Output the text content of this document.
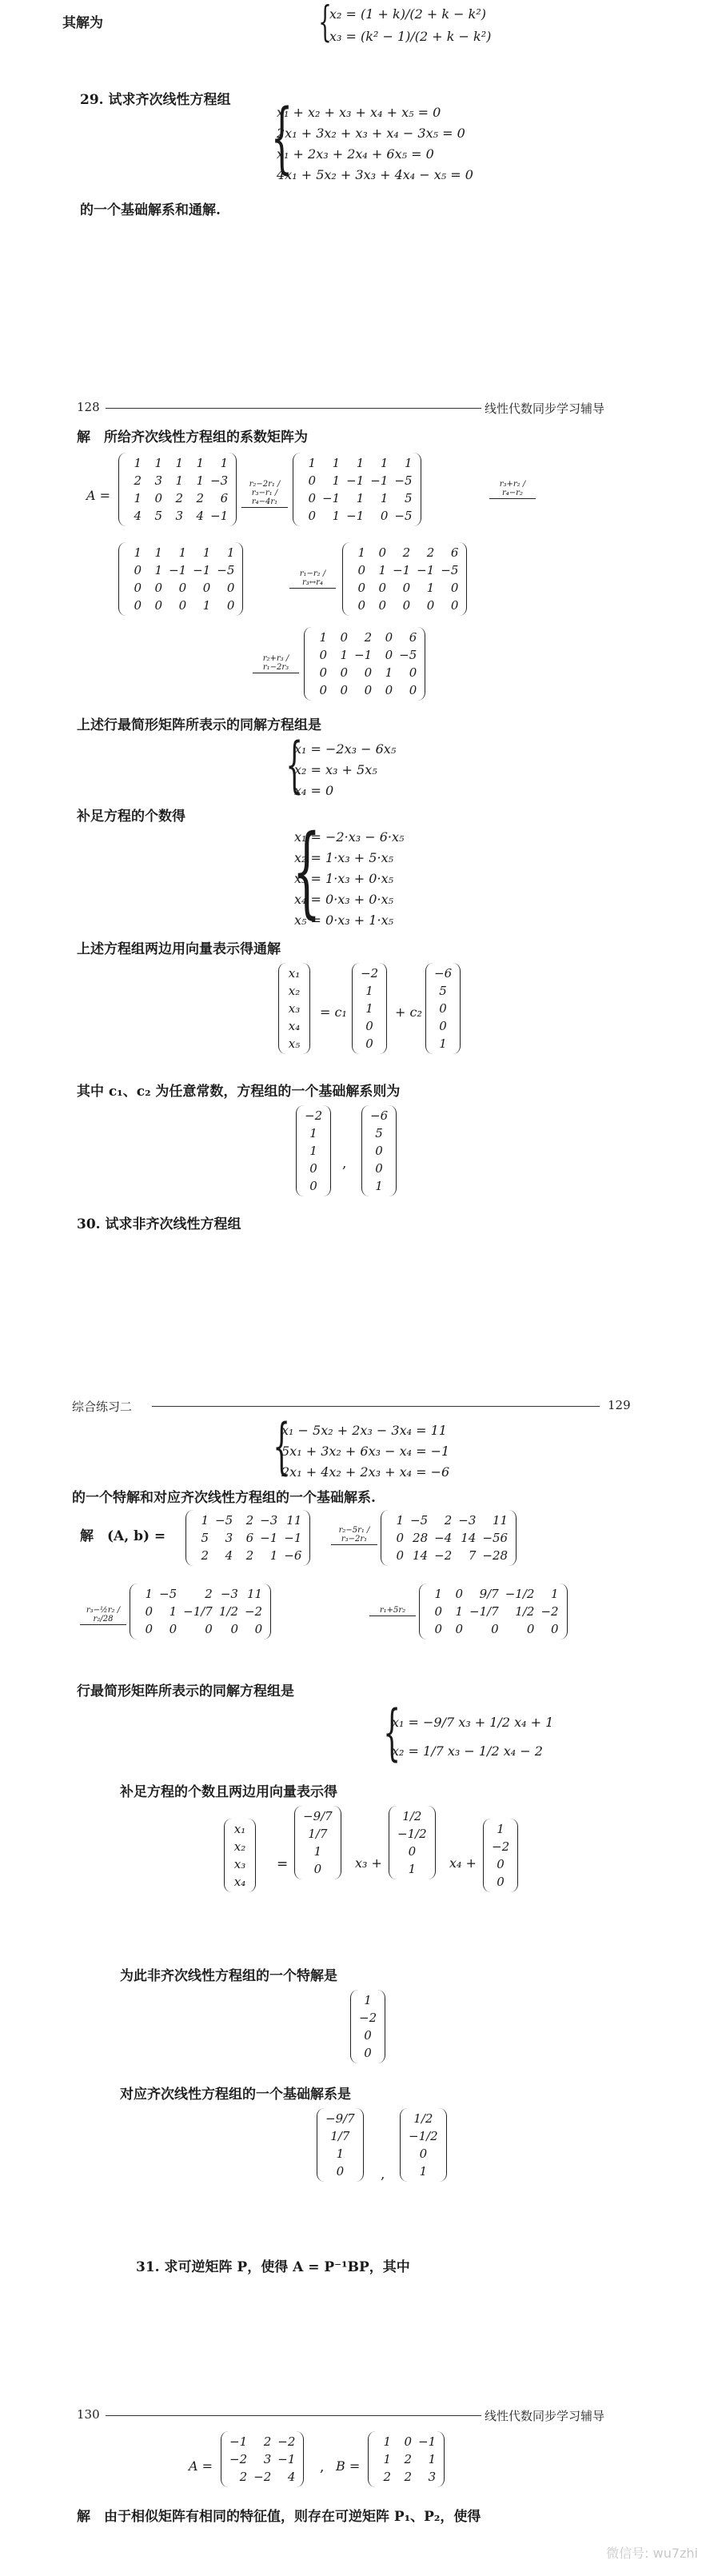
其解为	{
x₂ = (1 + k)/(2 + k − k²)
x₃ = (k² − 1)/(2 + k − k²)
29. 试求齐次线性方程组 {
x₁ + x₂ + x₃ + x₄ + x₅ = 0
2x₁ + 3x₂ + x₃ + x₄ − 3x₅ = 0
x₁ + 2x₃ + 2x₄ + 6x₅ = 0
4x₁ + 5x₂ + 3x₃ + 4x₄ − x₅ = 0
的一个基础解系和通解.
128	线性代数同步学习辅导
解　所给齐次线性方程组的系数矩阵为
A =
1	1	1	1	1
2	3	1	1	−3
1	0	2	2	6
4	5	3	4	−1
r₂−2r₁ / r₃−r₁ / r₄−4r₁
1	1	1	1	1
0	1	−1	−1	−5
0	−1	1	1	5
0	1	−1	0	−5
r₃+r₂ / r₄−r₂
1	1	1	1	1
0	1	−1	−1	−5
0	0	0	0	0
0	0	0	1	0
r₁−r₂ / r₃↔r₄
1	0	2	2	6
0	1	−1	−1	−5
0	0	0	1	0
0	0	0	0	0
r₂+r₃ / r₁−2r₃
1	0	2	0	6
0	1	−1	0	−5
0	0	0	1	0
0	0	0	0	0
上述行最简形矩阵所表示的同解方程组是
{
x₁ = −2x₃ − 6x₅
x₂ = x₃ + 5x₅
x₄ = 0
补足方程的个数得 {
x₁ = −2·x₃ − 6·x₅
x₂ = 1·x₃ + 5·x₅
x₃ = 1·x₃ + 0·x₅
x₄ = 0·x₃ + 0·x₅
x₅ = 0·x₃ + 1·x₅
上述方程组两边用向量表示得通解
x₁
x₂
x₃
x₄
x₅
= c₁
−2
1
1
0
0
+ c₂
−6
5
0
0
1
其中 c₁、c₂ 为任意常数，方程组的一个基础解系则为
−2
1
1
0
0
,
−6
5
0
0
1
30. 试求非齐次线性方程组
综合练习二	129
{
x₁ − 5x₂ + 2x₃ − 3x₄ = 11
5x₁ + 3x₂ + 6x₃ − x₄ = −1
2x₁ + 4x₂ + 2x₃ + x₄ = −6
的一个特解和对应齐次线性方程组的一个基础解系.
解　(A, b) =
1	−5	2	−3	11
5	3	6	−1	−1
2	4	2	1	−6
r₂−5r₁ / r₃−2r₁
1	−5	2	−3	11
0	28	−4	14	−56
0	14	−2	7	−28
r₃−½r₂ / r₂/28
1	−5	2	−3	11
0	1	−1/7	1/2	−2
0	0	0	0	0
r₁+5r₂
1	0	9/7	−1/2	1
0	1	−1/7	1/2	−2
0	0	0	0	0
行最简形矩阵所表示的同解方程组是
{
x₁ = −9/7 x₃ + 1/2 x₄ + 1
x₂ = 1/7 x₃ − 1/2 x₄ − 2
补足方程的个数且两边用向量表示得
x₁
x₂
x₃
x₄
=
−9/7
1/7
1
0	x₃ +
1/2
−1/2
0
1	x₄ +
1
−2
0
0
为此非齐次线性方程组的一个特解是
1
−2
0
0
对应齐次线性方程组的一个基础解系是
−9/7
1/7
1
0	,
1/2
−1/2
0
1
31. 求可逆矩阵 P，使得 A = P⁻¹BP，其中
130	线性代数同步学习辅导
A =
−1	2	−2
−2	3	−1
2	−2	4
, B =
1	0	−1
1	2	1
2	2	3
解　由于相似矩阵有相同的特征值，则存在可逆矩阵 P₁、P₂，使得
微信号: wu7zhi
